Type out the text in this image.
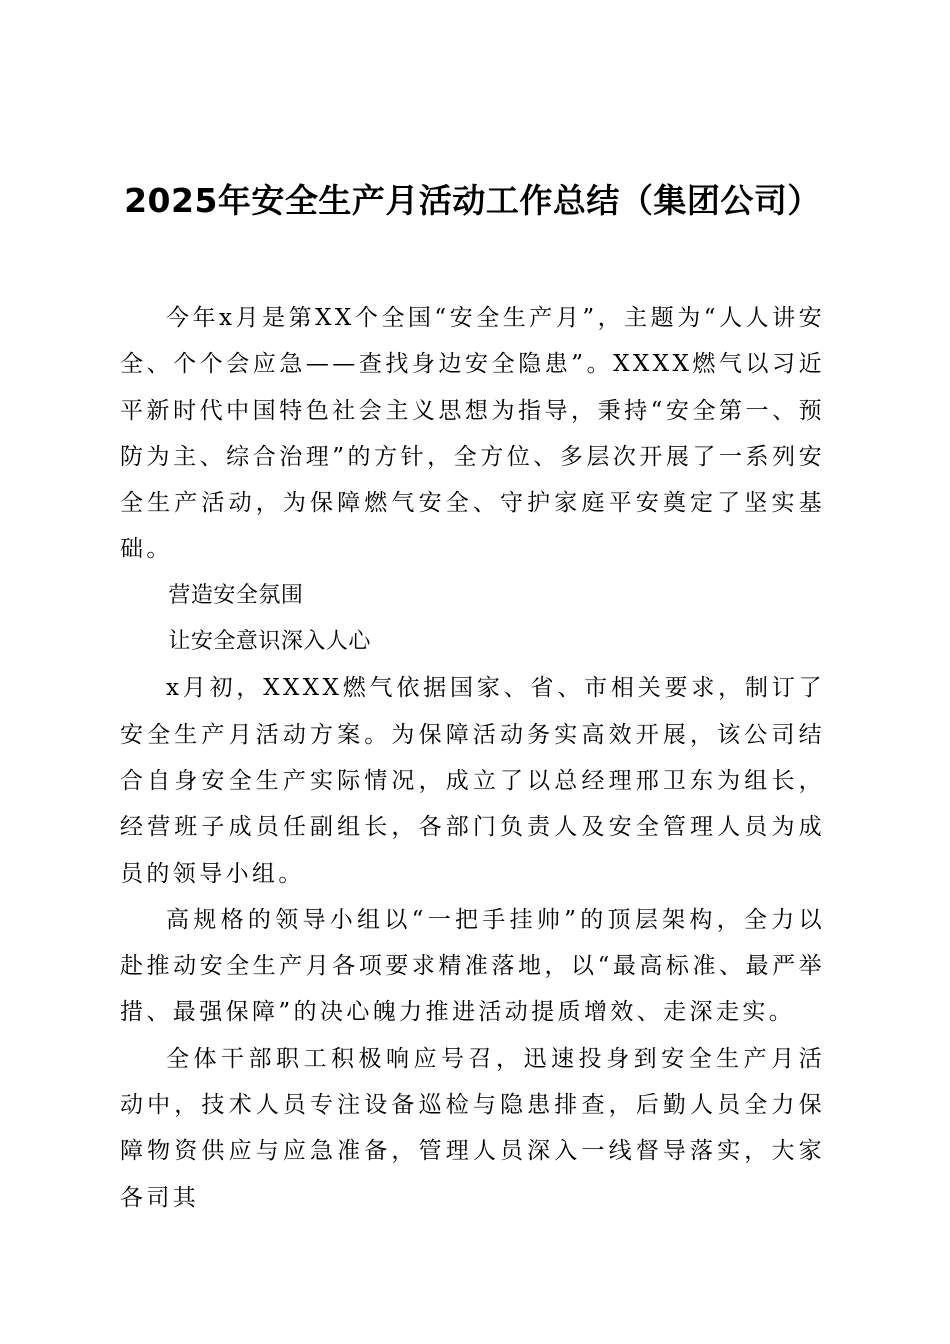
2025年安全生产月活动工作总结（集团公司）

今年x月是第XX个全国“安全生产月”，主题为“人人讲安全、个个会应急——查找身边安全隐患”。XXXX燃气以习近平新时代中国特色社会主义思想为指导，秉持“安全第一、预防为主、综合治理”的方针，全方位、多层次开展了一系列安全生产活动，为保障燃气安全、守护家庭平安奠定了坚实基础。

营造安全氛围

让安全意识深入人心

x月初，XXXX燃气依据国家、省、市相关要求，制订了安全生产月活动方案。为保障活动务实高效开展，该公司结合自身安全生产实际情况，成立了以总经理邢卫东为组长，经营班子成员任副组长，各部门负责人及安全管理人员为成员的领导小组。

高规格的领导小组以“一把手挂帅”的顶层架构，全力以赴推动安全生产月各项要求精准落地，以“最高标准、最严举措、最强保障”的决心魄力推进活动提质增效、走深走实。

全体干部职工积极响应号召，迅速投身到安全生产月活动中，技术人员专注设备巡检与隐患排查，后勤人员全力保障物资供应与应急准备，管理人员深入一线督导落实，大家各司其
